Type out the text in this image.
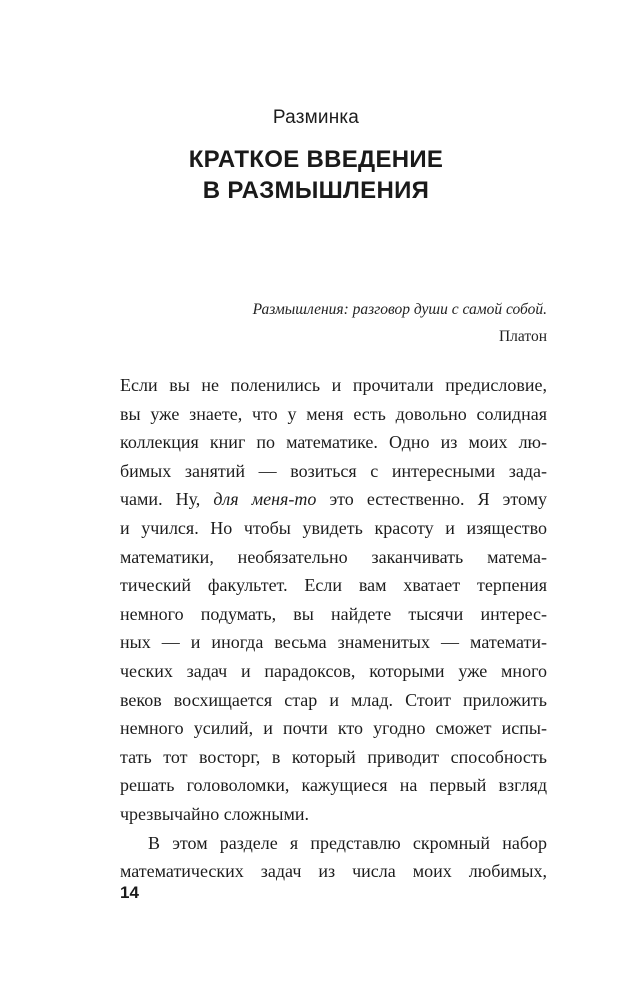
Разминка
КРАТКОЕ ВВЕДЕНИЕ
В РАЗМЫШЛЕНИЯ
Размышления: разговор души с самой собой.
Платон
Если вы не поленились и прочитали предисловие,
вы уже знаете, что у меня есть довольно солидная
коллекция книг по математике. Одно из моих лю-
бимых занятий — возиться с интересными зада-
чами. Ну, для меня-то это естественно. Я этому
и учился. Но чтобы увидеть красоту и изящество
математики, необязательно заканчивать матема-
тический факультет. Если вам хватает терпения
немного подумать, вы найдете тысячи интерес-
ных — и иногда весьма знаменитых — математи-
ческих задач и парадоксов, которыми уже много
веков восхищается стар и млад. Стоит приложить
немного усилий, и почти кто угодно сможет испы-
тать тот восторг, в который приводит способность
решать головоломки, кажущиеся на первый взгляд
чрезвычайно сложными.
В этом разделе я представлю скромный набор
математических задач из числа моих любимых,
14
